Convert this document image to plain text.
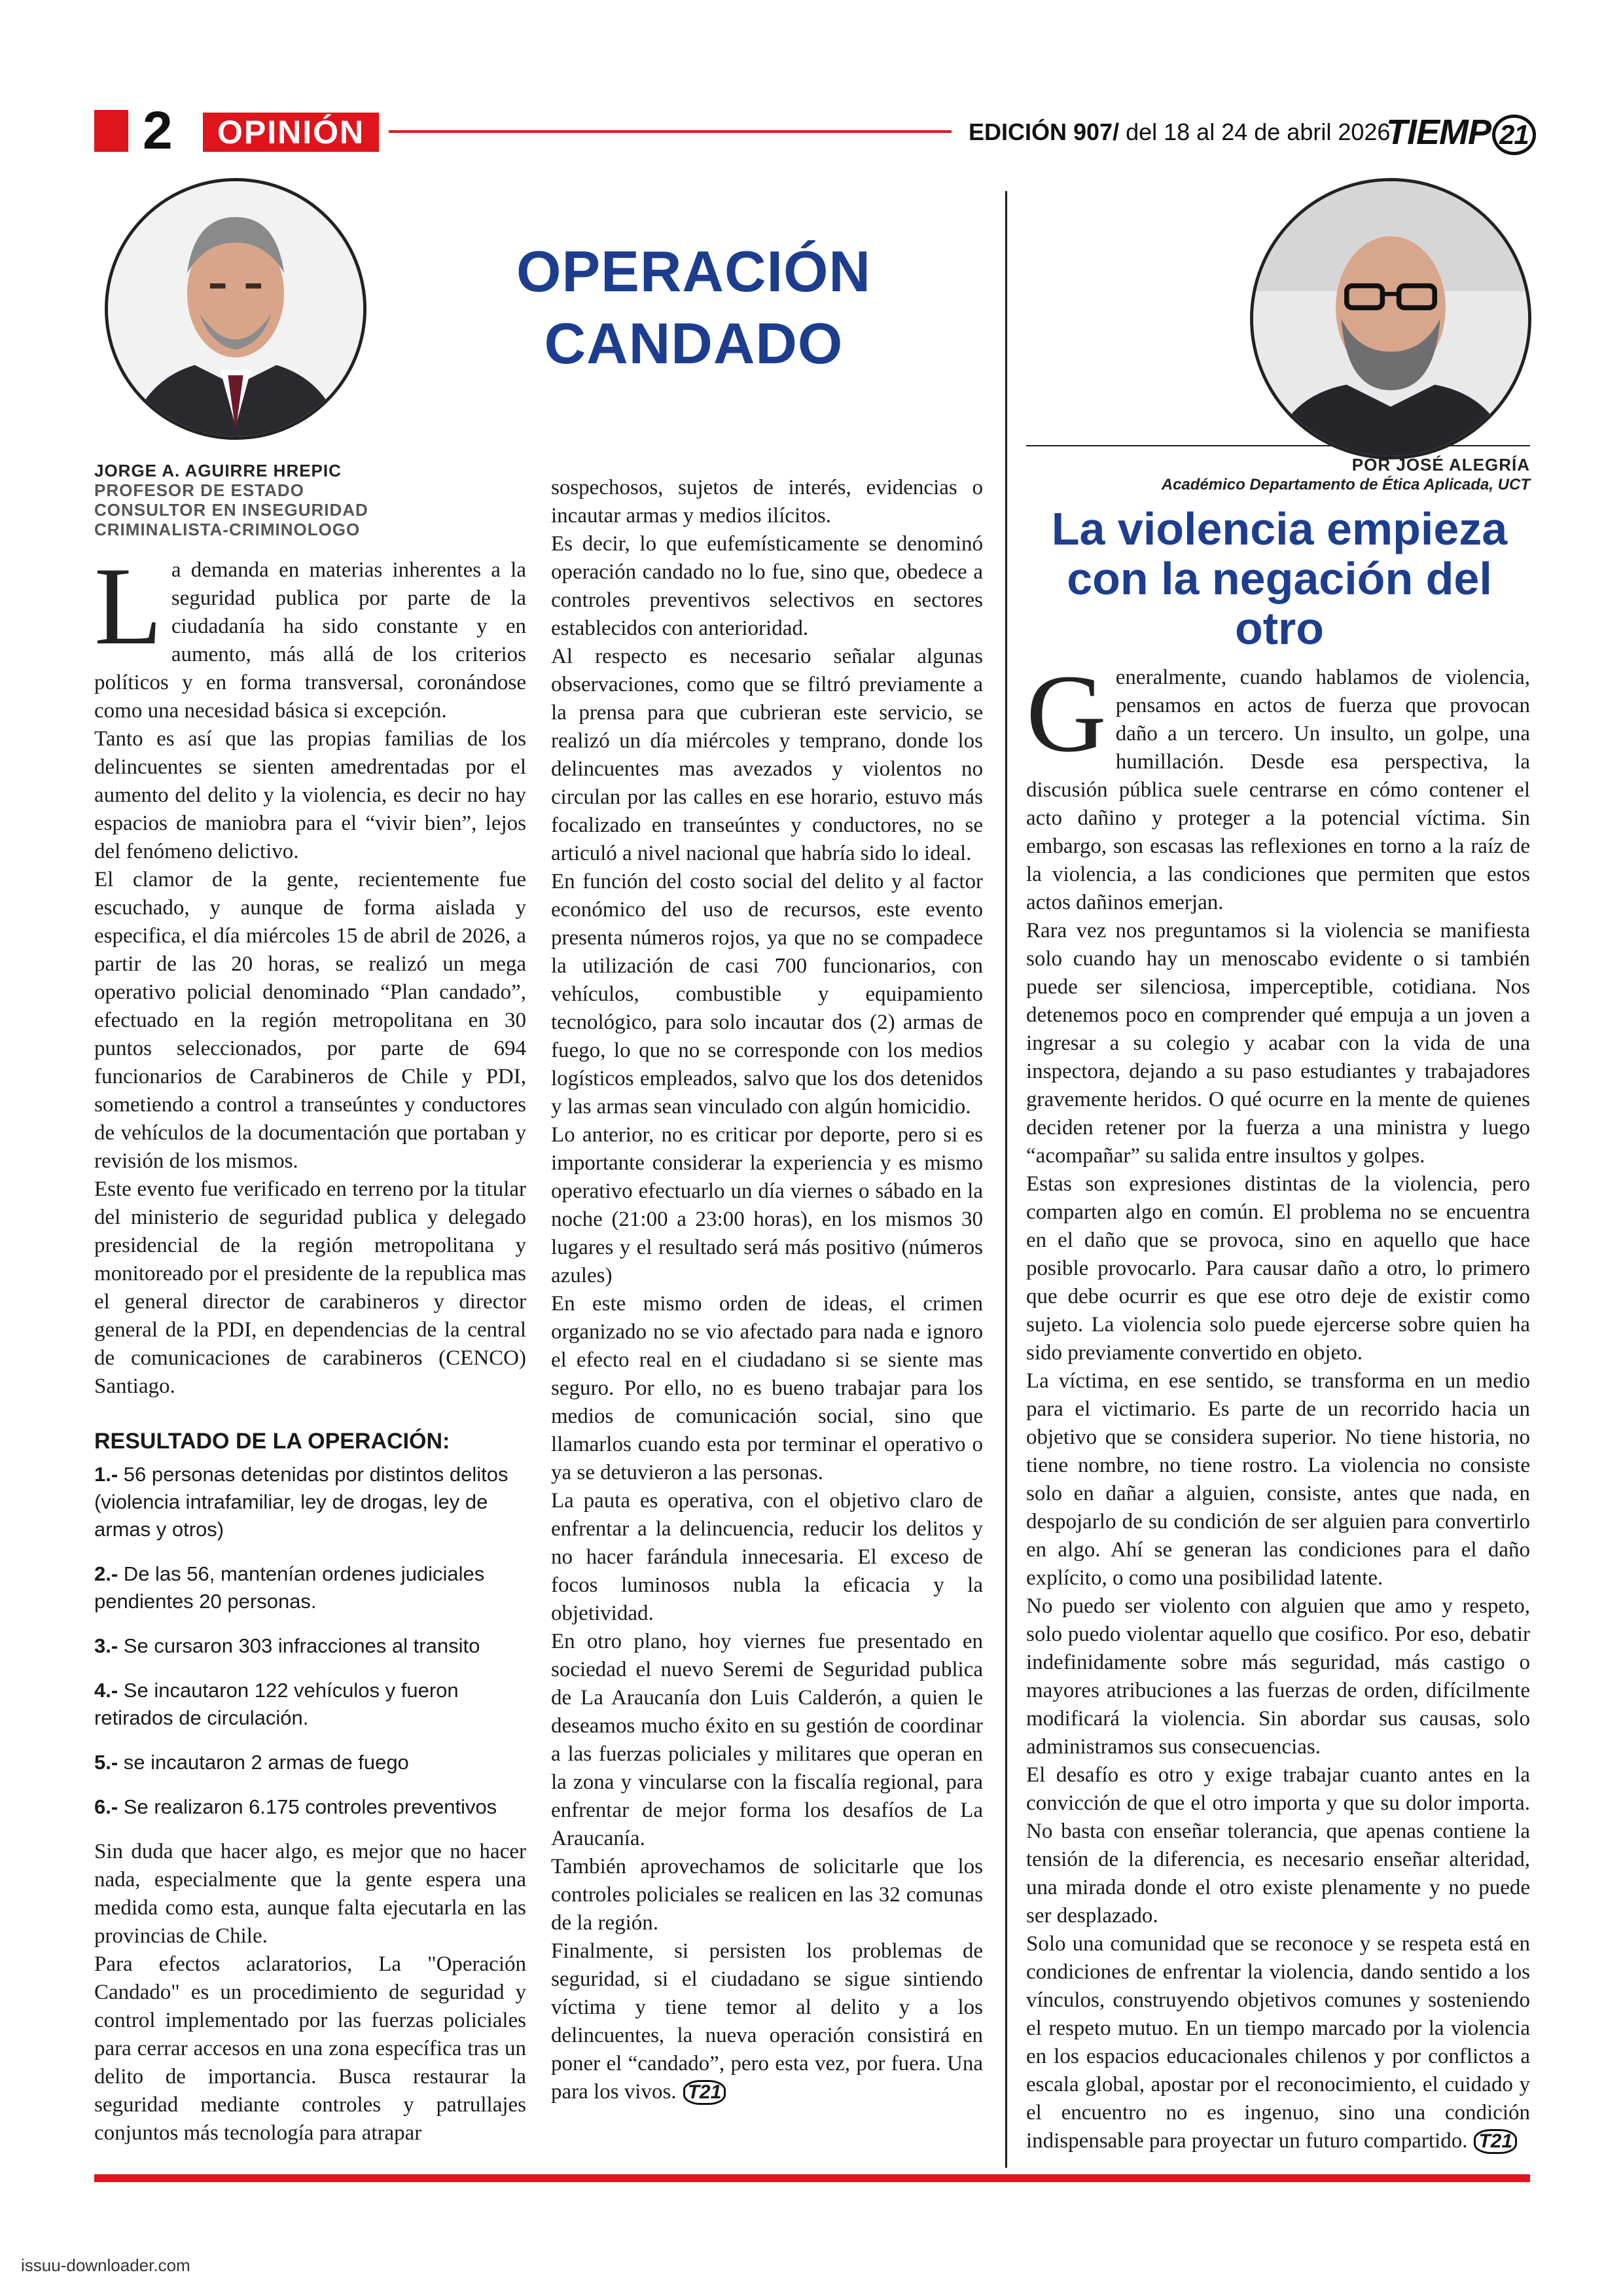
2	OPINIÓN	EDICIÓN 907/ del 18 al 24 de abril 2026
TIEMP 21
OPERACIÓN
CANDADO
JORGE A. AGUIRRE HREPIC
PROFESOR DE ESTADO
CONSULTOR EN INSEGURIDAD
CRIMINALISTA-CRIMINOLOGO

La demanda en materias inherentes a la seguridad publica por parte de la ciudadanía ha sido constante y en aumento, más allá de los criterios políticos y en forma transversal, coronándose como una necesidad básica si excepción.

Tanto es así que las propias familias de los delincuentes se sienten amedrentadas por el aumento del delito y la violencia, es decir no hay espacios de maniobra para el “vivir bien”, lejos del fenómeno delictivo.

El clamor de la gente, recientemente fue escuchado, y aunque de forma aislada y especifica, el día miércoles 15 de abril de 2026, a partir de las 20 horas, se realizó un mega operativo policial denominado “Plan candado”, efectuado en la región metropolitana en 30 puntos seleccionados, por parte de 694 funcionarios de Carabineros de Chile y PDI, sometiendo a control a transeúntes y conductores de vehículos de la documentación que portaban y revisión de los mismos.

Este evento fue verificado en terreno por la titular del ministerio de seguridad publica y delegado presidencial de la región metropolitana y monitoreado por el presidente de la republica mas el general director de carabineros y director general de la PDI, en dependencias de la central de comunicaciones de carabineros (CENCO) Santiago.

RESULTADO DE LA OPERACIÓN:

1.- 56 personas detenidas por distintos delitos (violencia intrafamiliar, ley de drogas, ley de armas y otros)

2.- De las 56, mantenían ordenes judiciales pendientes 20 personas.

3.- Se cursaron 303 infracciones al transito

4.- Se incautaron 122 vehículos y fueron retirados de circulación.

5.- se incautaron 2 armas de fuego

6.- Se realizaron 6.175 controles preventivos

Sin duda que hacer algo, es mejor que no hacer nada, especialmente que la gente espera una medida como esta, aunque falta ejecutarla en las provincias de Chile.

Para efectos aclaratorios, La "Operación Candado" es un procedimiento de seguridad y control implementado por las fuerzas policiales para cerrar accesos en una zona específica tras un delito de importancia. Busca restaurar la seguridad mediante controles y patrullajes conjuntos más tecnología para atrapar

sospechosos, sujetos de interés, evidencias o incautar armas y medios ilícitos.

Es decir, lo que eufemísticamente se denominó operación candado no lo fue, sino que, obedece a controles preventivos selectivos en sectores establecidos con anterioridad.

Al respecto es necesario señalar algunas observaciones, como que se filtró previamente a la prensa para que cubrieran este servicio, se realizó un día miércoles y temprano, donde los delincuentes mas avezados y violentos no circulan por las calles en ese horario, estuvo más focalizado en transeúntes y conductores, no se articuló a nivel nacional que habría sido lo ideal.

En función del costo social del delito y al factor económico del uso de recursos, este evento presenta números rojos, ya que no se compadece la utilización de casi 700 funcionarios, con vehículos, combustible y equipamiento tecnológico, para solo incautar dos (2) armas de fuego, lo que no se corresponde con los medios logísticos empleados, salvo que los dos detenidos y las armas sean vinculado con algún homicidio.

Lo anterior, no es criticar por deporte, pero si es importante considerar la experiencia y es mismo operativo efectuarlo un día viernes o sábado en la noche (21:00 a 23:00 horas), en los mismos 30 lugares y el resultado será más positivo (números azules)

En este mismo orden de ideas, el crimen organizado no se vio afectado para nada e ignoro el efecto real en el ciudadano si se siente mas seguro. Por ello, no es bueno trabajar para los medios de comunicación social, sino que llamarlos cuando esta por terminar el operativo o ya se detuvieron a las personas.

La pauta es operativa, con el objetivo claro de enfrentar a la delincuencia, reducir los delitos y no hacer farándula innecesaria. El exceso de focos luminosos nubla la eficacia y la objetividad.

En otro plano, hoy viernes fue presentado en sociedad el nuevo Seremi de Seguridad publica de La Araucanía don Luis Calderón, a quien le deseamos mucho éxito en su gestión de coordinar a las fuerzas policiales y militares que operan en la zona y vincularse con la fiscalía regional, para enfrentar de mejor forma los desafíos de La Araucanía.

También aprovechamos de solicitarle que los controles policiales se realicen en las 32 comunas de la región.

Finalmente, si persisten los problemas de seguridad, si el ciudadano se sigue sintiendo víctima y tiene temor al delito y a los delincuentes, la nueva operación consistirá en poner el “candado”, pero esta vez, por fuera. Una para los vivos. T21

POR JOSÉ ALEGRÍA
Académico Departamento de Ética Aplicada, UCT
La violencia empieza con la negación del otro

Generalmente, cuando hablamos de violencia, pensamos en actos de fuerza que provocan daño a un tercero. Un insulto, un golpe, una humillación. Desde esa perspectiva, la discusión pública suele centrarse en cómo contener el acto dañino y proteger a la potencial víctima. Sin embargo, son escasas las reflexiones en torno a la raíz de la violencia, a las condiciones que permiten que estos actos dañinos emerjan.

Rara vez nos preguntamos si la violencia se manifiesta solo cuando hay un menoscabo evidente o si también puede ser silenciosa, imperceptible, cotidiana. Nos detenemos poco en comprender qué empuja a un joven a ingresar a su colegio y acabar con la vida de una inspectora, dejando a su paso estudiantes y trabajadores gravemente heridos. O qué ocurre en la mente de quienes deciden retener por la fuerza a una ministra y luego “acompañar” su salida entre insultos y golpes.

Estas son expresiones distintas de la violencia, pero comparten algo en común. El problema no se encuentra en el daño que se provoca, sino en aquello que hace posible provocarlo. Para causar daño a otro, lo primero que debe ocurrir es que ese otro deje de existir como sujeto. La violencia solo puede ejercerse sobre quien ha sido previamente convertido en objeto.

La víctima, en ese sentido, se transforma en un medio para el victimario. Es parte de un recorrido hacia un objetivo que se considera superior. No tiene historia, no tiene nombre, no tiene rostro. La violencia no consiste solo en dañar a alguien, consiste, antes que nada, en despojarlo de su condición de ser alguien para convertirlo en algo. Ahí se generan las condiciones para el daño explícito, o como una posibilidad latente.

No puedo ser violento con alguien que amo y respeto, solo puedo violentar aquello que cosifico. Por eso, debatir indefinidamente sobre más seguridad, más castigo o mayores atribuciones a las fuerzas de orden, difícilmente modificará la violencia. Sin abordar sus causas, solo administramos sus consecuencias.

El desafío es otro y exige trabajar cuanto antes en la convicción de que el otro importa y que su dolor importa. No basta con enseñar tolerancia, que apenas contiene la tensión de la diferencia, es necesario enseñar alteridad, una mirada donde el otro existe plenamente y no puede ser desplazado.

Solo una comunidad que se reconoce y se respeta está en condiciones de enfrentar la violencia, dando sentido a los vínculos, construyendo objetivos comunes y sosteniendo el respeto mutuo. En un tiempo marcado por la violencia en los espacios educacionales chilenos y por conflictos a escala global, apostar por el reconocimiento, el cuidado y el encuentro no es ingenuo, sino una condición indispensable para proyectar un futuro compartido. T21

issuu-downloader.com
